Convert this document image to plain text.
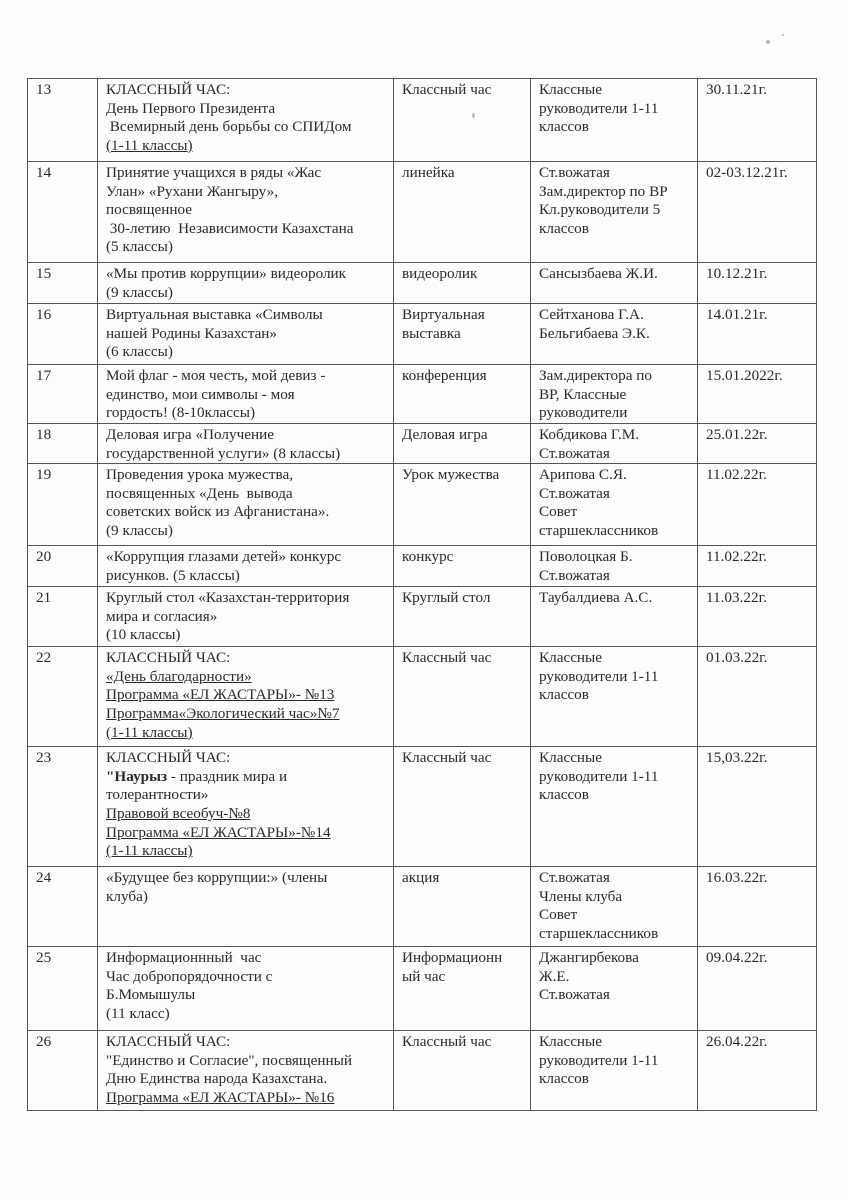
13	КЛАССНЫЙ ЧАС:
День Первого Президента
Всемирный день борьбы со СПИДом
(1-11 классы)	Классный час	Классные
руководители 1-11
классов	30.11.21г.
14	Принятие учащихся в ряды «Жас
Улан» «Рухани Жангыру»,
посвященное
30-летию  Независимости Казахстана
(5 классы)	линейка	Ст.вожатая
Зам.директор по ВР
Кл.руководители 5
классов	02-03.12.21г.
15	«Мы против коррупции» видеоролик
(9 классы)	видеоролик	Сансызбаева Ж.И.	10.12.21г.
16	Виртуальная выставка «Символы
нашей Родины Казахстан»
(6 классы)	Виртуальная
выставка	Сейтханова Г.А.
Бельгибаева Э.К.	14.01.21г.
17	Мой флаг - моя честь, мой девиз -
единство, мои символы - моя
гордость! (8-10классы)	конференция	Зам.директора по
ВР, Классные
руководители	15.01.2022г.
18	Деловая игра «Получение
государственной услуги» (8 классы)	Деловая игра	Кобдикова Г.М.
Ст.вожатая	25.01.22г.
19	Проведения урока мужества,
посвященных «День  вывода
советских войск из Афганистана».
(9 классы)	Урок мужества	Арипова С.Я.
Ст.вожатая
Совет
старшеклассников	11.02.22г.
20	«Коррупция глазами детей» конкурс
рисунков. (5 классы)	конкурс	Поволоцкая Б.
Ст.вожатая	11.02.22г.
21	Круглый стол «Казахстан-территория
мира и согласия»
(10 классы)	Круглый стол	Таубалдиева А.С.	11.03.22г.
22	КЛАССНЫЙ ЧАС:
«День благодарности»
Программа «ЕЛ ЖАСТАРЫ»- №13
Программа«Экологический час»№7
(1-11 классы)	Классный час	Классные
руководители 1-11
классов	01.03.22г.
23	КЛАССНЫЙ ЧАС:
"Наурыз - праздник мира и
толерантности»
Правовой всеобуч-№8
Программа «ЕЛ ЖАСТАРЫ»-№14
(1-11 классы)

Классный час	Классные
руководители 1-11
классов
	15,03.22г.
24	«Будущее без коррупции:» (члены
клуба)	акция	Ст.вожатая
Члены клуба
Совет
старшеклассников	16.03.22г.
25	Информационнный  час
Час добропорядочности с
Б.Момышулы
(11 класс)	Информационн
ый час	Джангирбекова
Ж.Е.
Ст.вожатая	09.04.22г.
26	КЛАССНЫЙ ЧАС:
"Единство и Согласие", посвященный
Дню Единства народа Казахстана.
Программа «ЕЛ ЖАСТАРЫ»- №16	Классный час	Классные
руководители 1-11
классов	26.04.22г.
